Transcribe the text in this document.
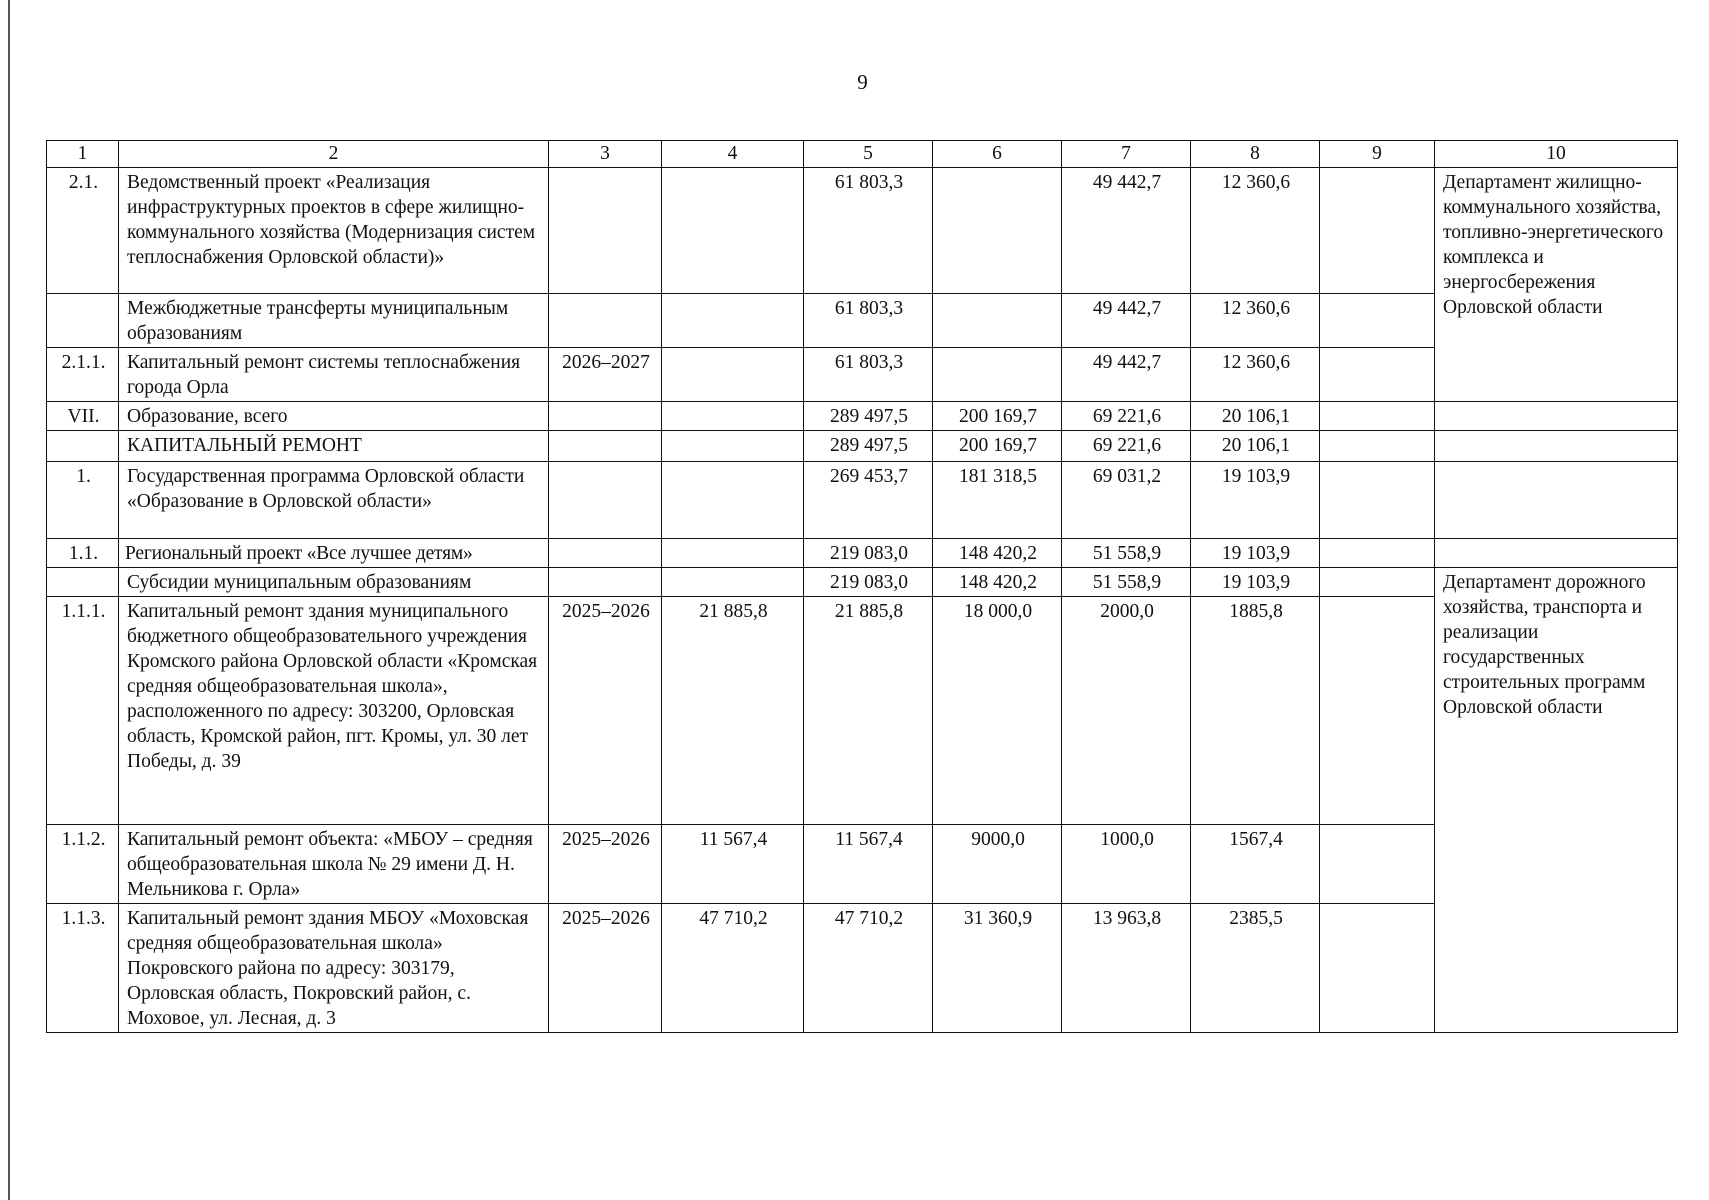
9
1	2	3	4	5	6	7	8	9	10
2.1.	Ведомственный проект «Реализация инфраструктурных проектов в сфере жилищно-коммунального хозяйства (Модернизация систем теплоснабжения Орловской области)»			61 803,3		49 442,7	12 360,6		Департамент жилищно-коммунального хозяйства, топливно-энергетического комплекса и энергосбережения Орловской области
	Межбюджетные трансферты муниципальным образованиям			61 803,3		49 442,7	12 360,6		
2.1.1.	Капитальный ремонт системы теплоснабжения города Орла	2026–2027		61 803,3		49 442,7	12 360,6		
VII.	Образование, всего			289 497,5	200 169,7	69 221,6	20 106,1		
	КАПИТАЛЬНЫЙ РЕМОНТ			289 497,5	200 169,7	69 221,6	20 106,1		
1.	Государственная программа Орловской области «Образование в Орловской области»			269 453,7	181 318,5	69 031,2	19 103,9		
1.1.	Региональный проект «Все лучшее детям»			219 083,0	148 420,2	51 558,9	19 103,9		
	Субсидии муниципальным образованиям			219 083,0	148 420,2	51 558,9	19 103,9		Департамент дорожного хозяйства, транспорта и реализации государственных строительных программ Орловской области
1.1.1.	Капитальный ремонт здания муниципального бюджетного общеобразовательного учреждения Кромского района Орловской области «Кромская средняя общеобразовательная школа», расположенного по адресу: 303200, Орловская область, Кромской район, пгт. Кромы, ул. 30 лет Победы, д. 39	2025–2026	21 885,8	21 885,8	18 000,0	2000,0	1885,8		
1.1.2.	Капитальный ремонт объекта: «МБОУ – средняя общеобразовательная школа № 29 имени Д. Н. Мельникова г. Орла»	2025–2026	11 567,4	11 567,4	9000,0	1000,0	1567,4		
1.1.3.	Капитальный ремонт здания МБОУ «Моховская средняя общеобразовательная школа» Покровского района по адресу: 303179, Орловская область, Покровский район, с. Моховое, ул. Лесная, д. 3	2025–2026	47 710,2	47 710,2	31 360,9	13 963,8	2385,5		
